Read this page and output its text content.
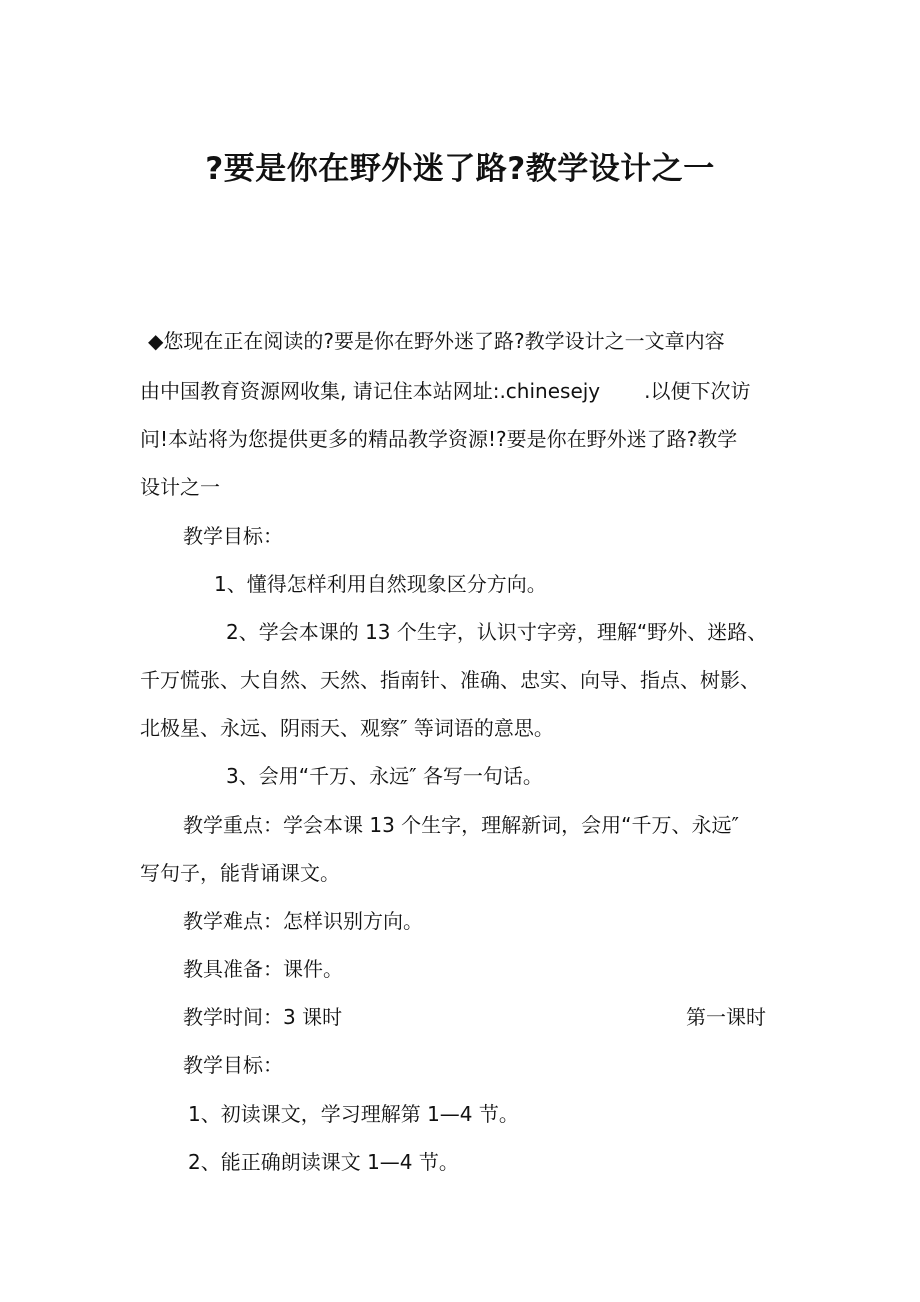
?要是你在野外迷了路?教学设计之一
◆您现在正在阅读的?要是你在野外迷了路?教学设计之一文章内容
由中国教育资源网收集, 请记住本站网址:.chinesejy .以便下次访
问!本站将为您提供更多的精品教学资源!?要是你在野外迷了路?教学
设计之一
教学目标：
1、懂得怎样利用自然现象区分方向。
2、学会本课的 13 个生字，认识寸字旁，理解“野外、迷路、
千万慌张、大自然、天然、指南针、准确、忠实、向导、指点、树影、
北极星、永远、阴雨天、观察″ 等词语的意思。
3、会用“千万、永远″ 各写一句话。
教学重点：学会本课 13 个生字，理解新词，会用“千万、永远″
写句子，能背诵课文。
教学难点：怎样识别方向。
教具准备：课件。
教学时间：3 课时	第一课时
教学目标：
1、初读课文，学习理解第 1—4 节。
2、能正确朗读课文 1—4 节。
